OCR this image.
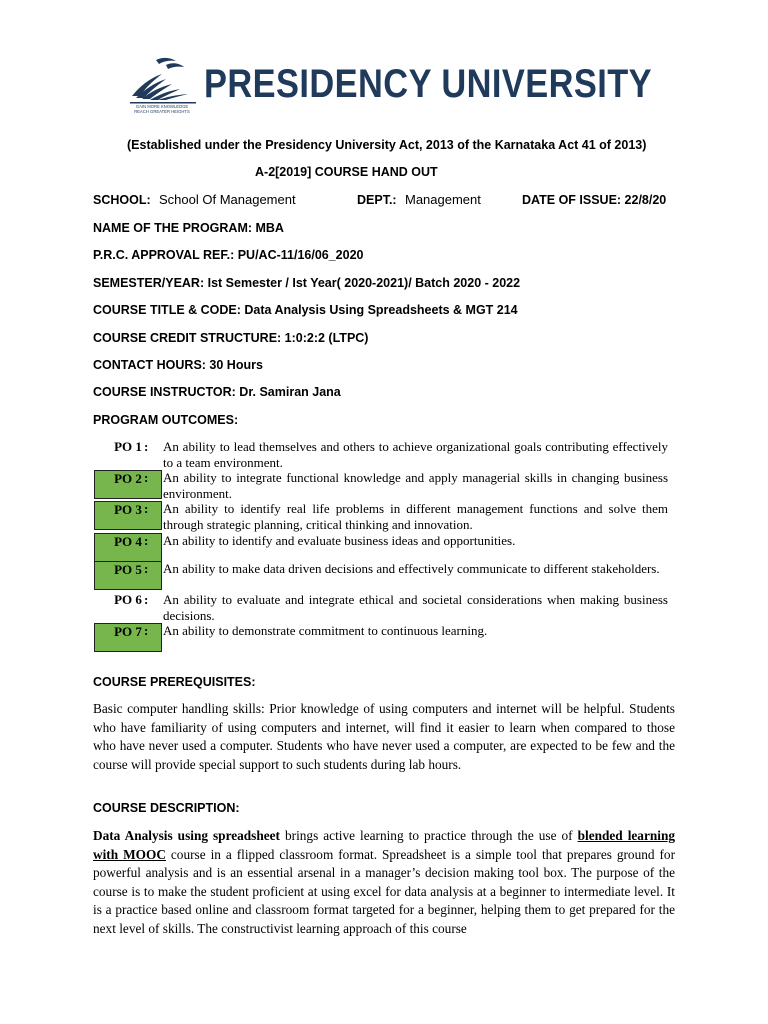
GAIN MORE KNOWLEDGE
REACH GREATER HEIGHTS
PRESIDENCY UNIVERSITY
(Established under the Presidency University Act, 2013 of the Karnataka Act 41 of 2013)
A-2[2019] COURSE HAND OUT
SCHOOL: School Of Management	DEPT.: Management	DATE OF ISSUE: 22/8/20
NAME OF THE PROGRAM: MBA
P.R.C. APPROVAL REF.: PU/AC-11/16/06_2020
SEMESTER/YEAR: Ist Semester / Ist Year( 2020-2021)/ Batch 2020 - 2022
COURSE TITLE & CODE: Data Analysis Using Spreadsheets & MGT 214
COURSE CREDIT STRUCTURE: 1:0:2:2 (LTPC)
CONTACT HOURS: 30 Hours
COURSE INSTRUCTOR: Dr. Samiran Jana
PROGRAM OUTCOMES:
PO 1 : An ability to lead themselves and others to achieve organizational goals contributing effectively to a team environment.
PO 2 : An ability to integrate functional knowledge and apply managerial skills in changing business environment.
PO 3 : An ability to identify real life problems in different management functions and solve them through strategic planning, critical thinking and innovation.
PO 4 : An ability to identify and evaluate business ideas and opportunities.
PO 5 : An ability to make data driven decisions and effectively communicate to different stakeholders.
PO 6 : An ability to evaluate and integrate ethical and societal considerations when making business decisions.
PO 7 : An ability to demonstrate commitment to continuous learning.
COURSE PREREQUISITES:
Basic computer handling skills: Prior knowledge of using computers and internet will be helpful. Students who have familiarity of using computers and internet, will find it easier to learn when compared to those who have never used a computer. Students who have never used a computer, are expected to be few and the course will provide special support to such students during lab hours.
COURSE DESCRIPTION:
Data Analysis using spreadsheet brings active learning to practice through the use of blended learning with MOOC course in a flipped classroom format. Spreadsheet is a simple tool that prepares ground for powerful analysis and is an essential arsenal in a manager’s decision making tool box. The purpose of the course is to make the student proficient at using excel for data analysis at a beginner to intermediate level. It is a practice based online and classroom format targeted for a beginner, helping them to get prepared for the next level of skills. The constructivist learning approach of this course
